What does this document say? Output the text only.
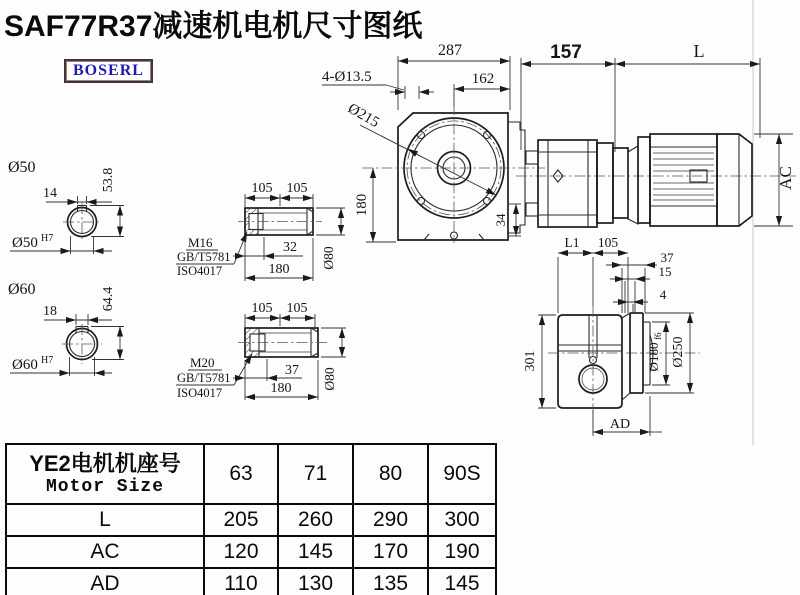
SAF77R37减速机电机尺寸图纸
BOSERL
287
162
4-Ø13.5
Ø215
180
34
157	L
AC
Ø50
14
53.8
Ø50 H7
Ø60
18
64.4
Ø60 H7
105 105
M16
GB/T5781
ISO4017
32
180 Ø80
105 105
M20
GB/T5781
ISO4017
37
180 Ø80
37
15
4
L1 105
301	Ø180
f6
Ø250
AD
YE2电机机座号
Motor Size	63	71	80	90S
L	205	260	290	300
AC	120	145	170	190
AD	110	130	135	145
